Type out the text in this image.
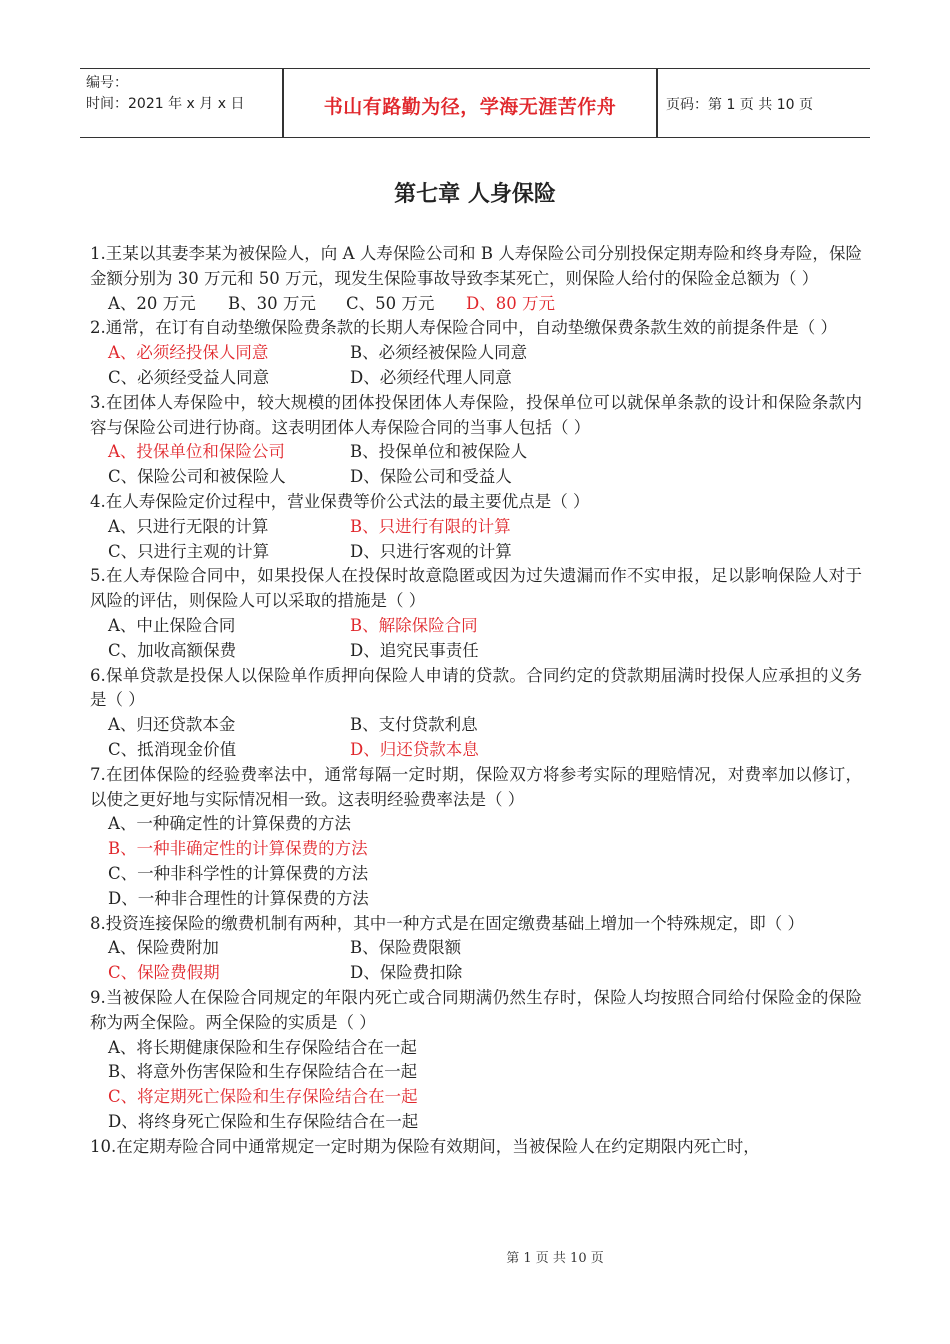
编号：
时间：2021 年 x 月 x 日	书山有路勤为径，学海无涯苦作舟	页码：第 1 页 共 10 页
第七章 人身保险

1.王某以其妻李某为被保险人，向 A 人寿保险公司和 B 人寿保险公司分别投保定期寿险和终身寿险，保险金额分别为 30 万元和 50 万元，现发生保险事故导致李某死亡，则保险人给付的保险金总额为（ ）

A、20 万元	B、30 万元	C、50 万元	D、80 万元

2.通常，在订有自动垫缴保险费条款的长期人寿保险合同中，自动垫缴保费条款生效的前提条件是（ ）

A、必须经投保人同意	B、必须经被保险人同意
C、必须经受益人同意	D、必须经代理人同意

3.在团体人寿保险中，较大规模的团体投保团体人寿保险，投保单位可以就保单条款的设计和保险条款内容与保险公司进行协商。这表明团体人寿保险合同的当事人包括（ ）

A、投保单位和保险公司	B、投保单位和被保险人
C、保险公司和被保险人	D、保险公司和受益人

4.在人寿保险定价过程中，营业保费等价公式法的最主要优点是（ ）

A、只进行无限的计算	B、只进行有限的计算
C、只进行主观的计算	D、只进行客观的计算

5.在人寿保险合同中，如果投保人在投保时故意隐匿或因为过失遗漏而作不实申报，足以影响保险人对于风险的评估，则保险人可以采取的措施是（ ）

A、中止保险合同	B、解除保险合同
C、加收高额保费	D、追究民事责任

6.保单贷款是投保人以保险单作质押向保险人申请的贷款。合同约定的贷款期届满时投保人应承担的义务是（ ）

A、归还贷款本金	B、支付贷款利息
C、抵消现金价值	D、归还贷款本息

7.在团体保险的经验费率法中，通常每隔一定时期，保险双方将参考实际的理赔情况，对费率加以修订，以使之更好地与实际情况相一致。这表明经验费率法是（ ）

A、一种确定性的计算保费的方法
B、一种非确定性的计算保费的方法
C、一种非科学性的计算保费的方法
D、一种非合理性的计算保费的方法

8.投资连接保险的缴费机制有两种，其中一种方式是在固定缴费基础上增加一个特殊规定，即（ ）

A、保险费附加	B、保险费限额
C、保险费假期	D、保险费扣除

9.当被保险人在保险合同规定的年限内死亡或合同期满仍然生存时，保险人均按照合同给付保险金的保险称为两全保险。两全保险的实质是（ ）

A、将长期健康保险和生存保险结合在一起
B、将意外伤害保险和生存保险结合在一起
C、将定期死亡保险和生存保险结合在一起
D、将终身死亡保险和生存保险结合在一起

10.在定期寿险合同中通常规定一定时期为保险有效期间，当被保险人在约定期限内死亡时，

第 1 页 共 10 页
